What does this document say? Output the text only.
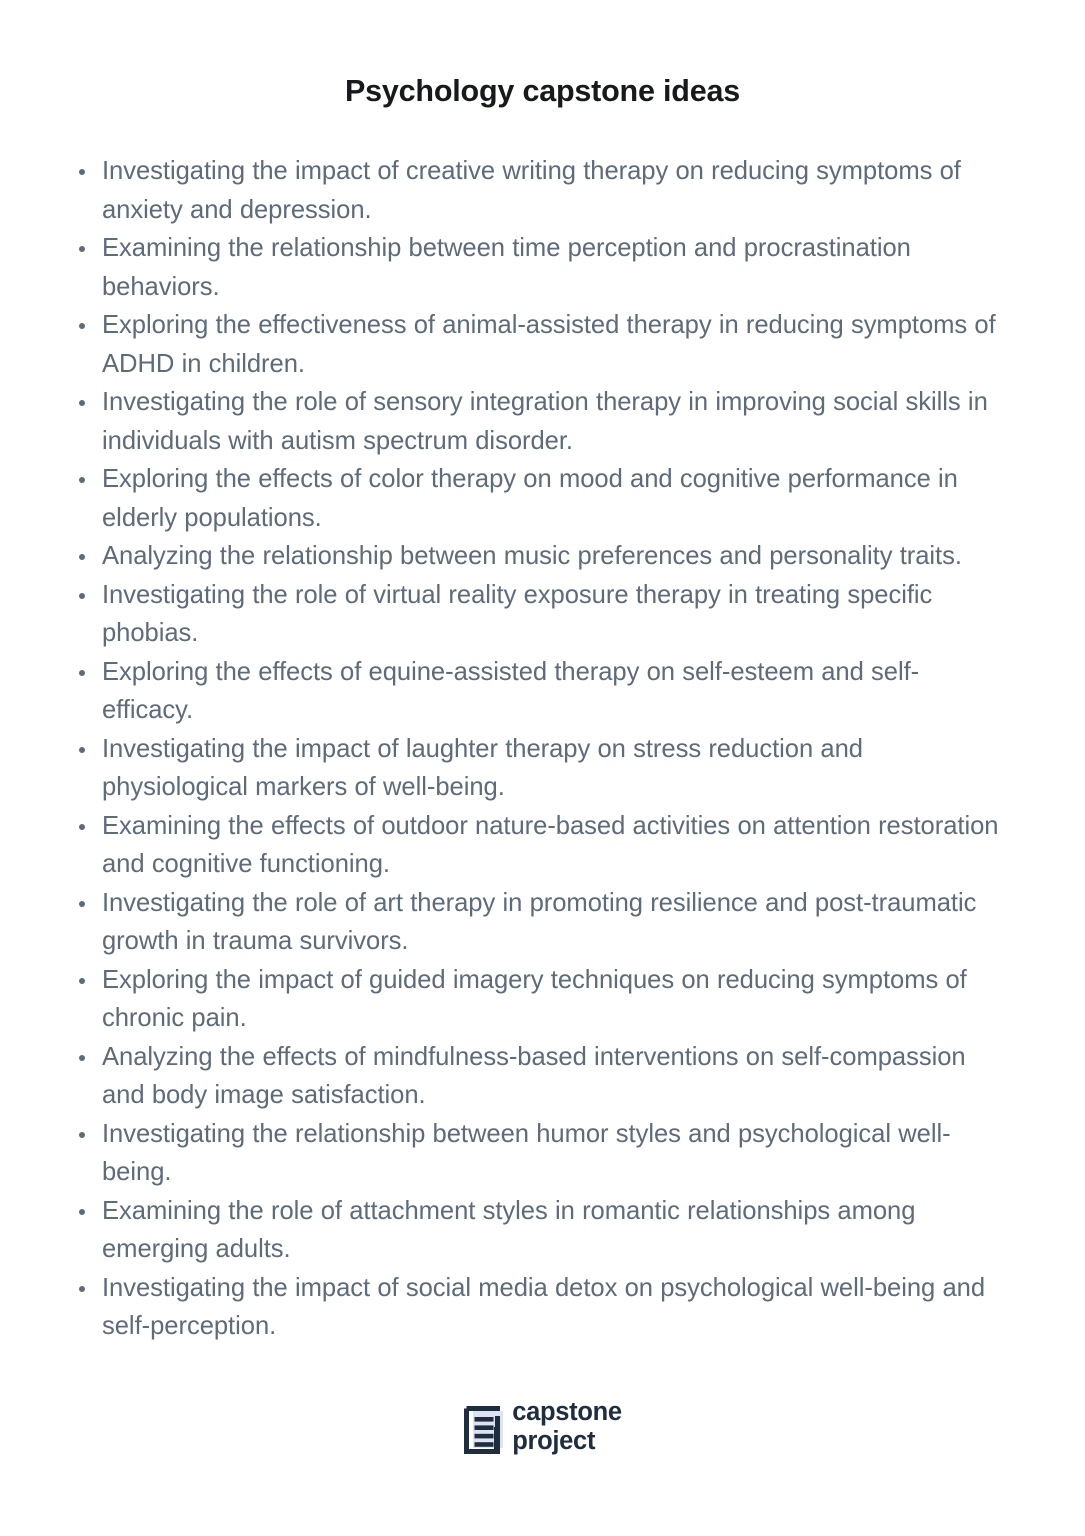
Psychology capstone ideas
Investigating the impact of creative writing therapy on reducing symptoms of anxiety and depression.
Examining the relationship between time perception and procrastination behaviors.
Exploring the effectiveness of animal-assisted therapy in reducing symptoms of ADHD in children.
Investigating the role of sensory integration therapy in improving social skills in individuals with autism spectrum disorder.
Exploring the effects of color therapy on mood and cognitive performance in elderly populations.
Analyzing the relationship between music preferences and personality traits.
Investigating the role of virtual reality exposure therapy in treating specific phobias.
Exploring the effects of equine-assisted therapy on self-esteem and self-efficacy.
Investigating the impact of laughter therapy on stress reduction and physiological markers of well-being.
Examining the effects of outdoor nature-based activities on attention restoration and cognitive functioning.
Investigating the role of art therapy in promoting resilience and post-traumatic growth in trauma survivors.
Exploring the impact of guided imagery techniques on reducing symptoms of chronic pain.
Analyzing the effects of mindfulness-based interventions on self-compassion and body image satisfaction.
Investigating the relationship between humor styles and psychological well-being.
Examining the role of attachment styles in romantic relationships among emerging adults.
Investigating the impact of social media detox on psychological well-being and self-perception.
capstone
project
